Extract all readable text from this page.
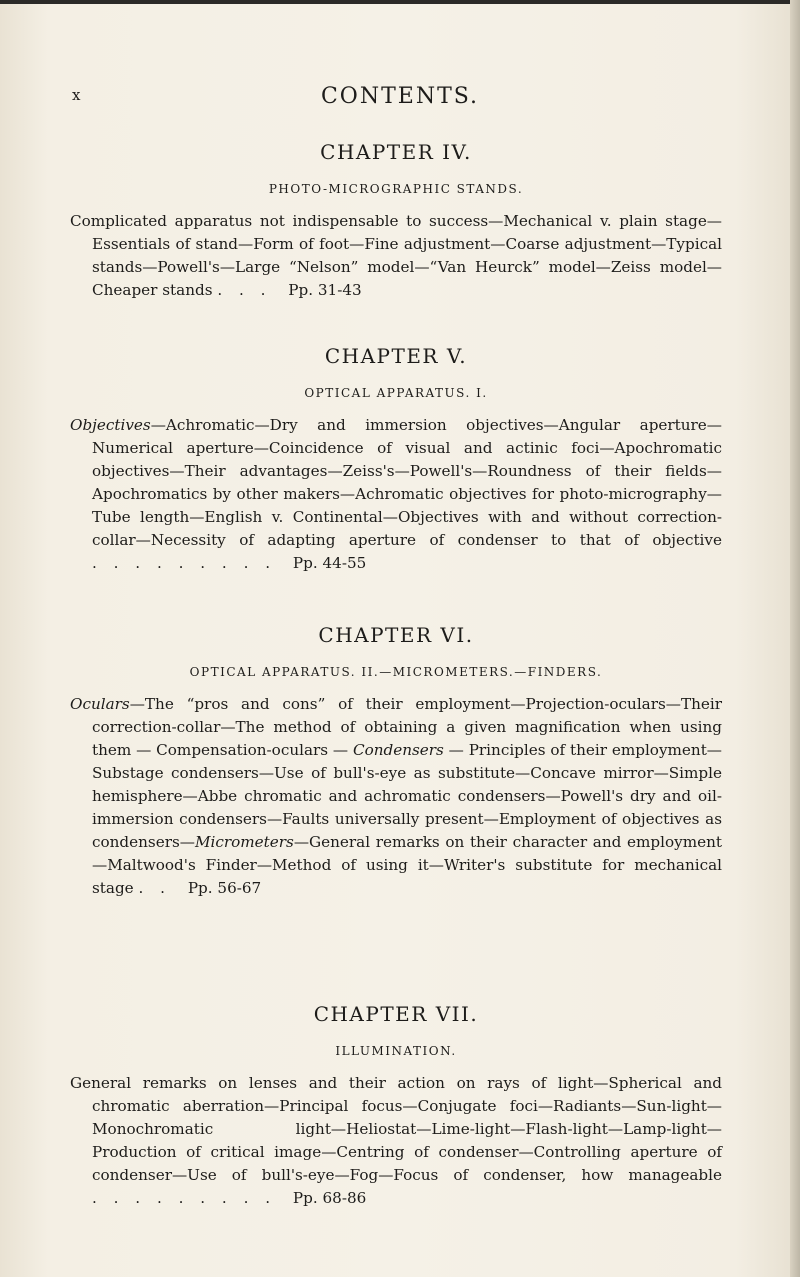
x	CONTENTS.
CHAPTER IV.

PHOTO-MICROGRAPHIC STANDS.

Complicated apparatus not indispensable to success—Mechanical v. plain stage—Essentials of stand—Form of foot—Fine adjustment—Coarse adjustment—Typical stands—Powell's—Large “Nelson” model—“Van Heurck” model—Zeiss model—Cheaper stands . . . Pp. 31-43

CHAPTER V.

OPTICAL APPARATUS. I.

Objectives—Achromatic—Dry and immersion objectives—Angular aperture—Numerical aperture—Coincidence of visual and actinic foci—Apochromatic objectives—Their advantages—Zeiss's—Powell's—Roundness of their fields—Apochromatics by other makers—Achromatic objectives for photo-micrography—Tube length—English v. Continental—Objectives with and without correction-collar—Necessity of adapting aperture of condenser to that of objective . . . . . . . . . Pp. 44-55

CHAPTER VI.

OPTICAL APPARATUS. II.—MICROMETERS.—FINDERS.

Oculars—The “pros and cons” of their employment—Projection-oculars—Their correction-collar—The method of obtaining a given magnification when using them — Compensation-oculars — Condensers — Principles of their employment—Substage condensers—Use of bull's-eye as substitute—Concave mirror—Simple hemisphere—Abbe chromatic and achromatic condensers—Powell's dry and oil-immersion condensers—Faults universally present—Employment of objectives as condensers—Micrometers—General remarks on their character and employment—Maltwood's Finder—Method of using it—Writer's substitute for mechanical stage . . Pp. 56-67

CHAPTER VII.

ILLUMINATION.

General remarks on lenses and their action on rays of light—Spherical and chromatic aberration—Principal focus—Conjugate foci—Radiants—Sun-light—Monochromatic light—Heliostat—Lime-light—Flash-light—Lamp-light—Production of critical image—Centring of condenser—Controlling aperture of condenser—Use of bull's-eye—Fog—Focus of condenser, how manageable . . . . . . . . . Pp. 68-86
